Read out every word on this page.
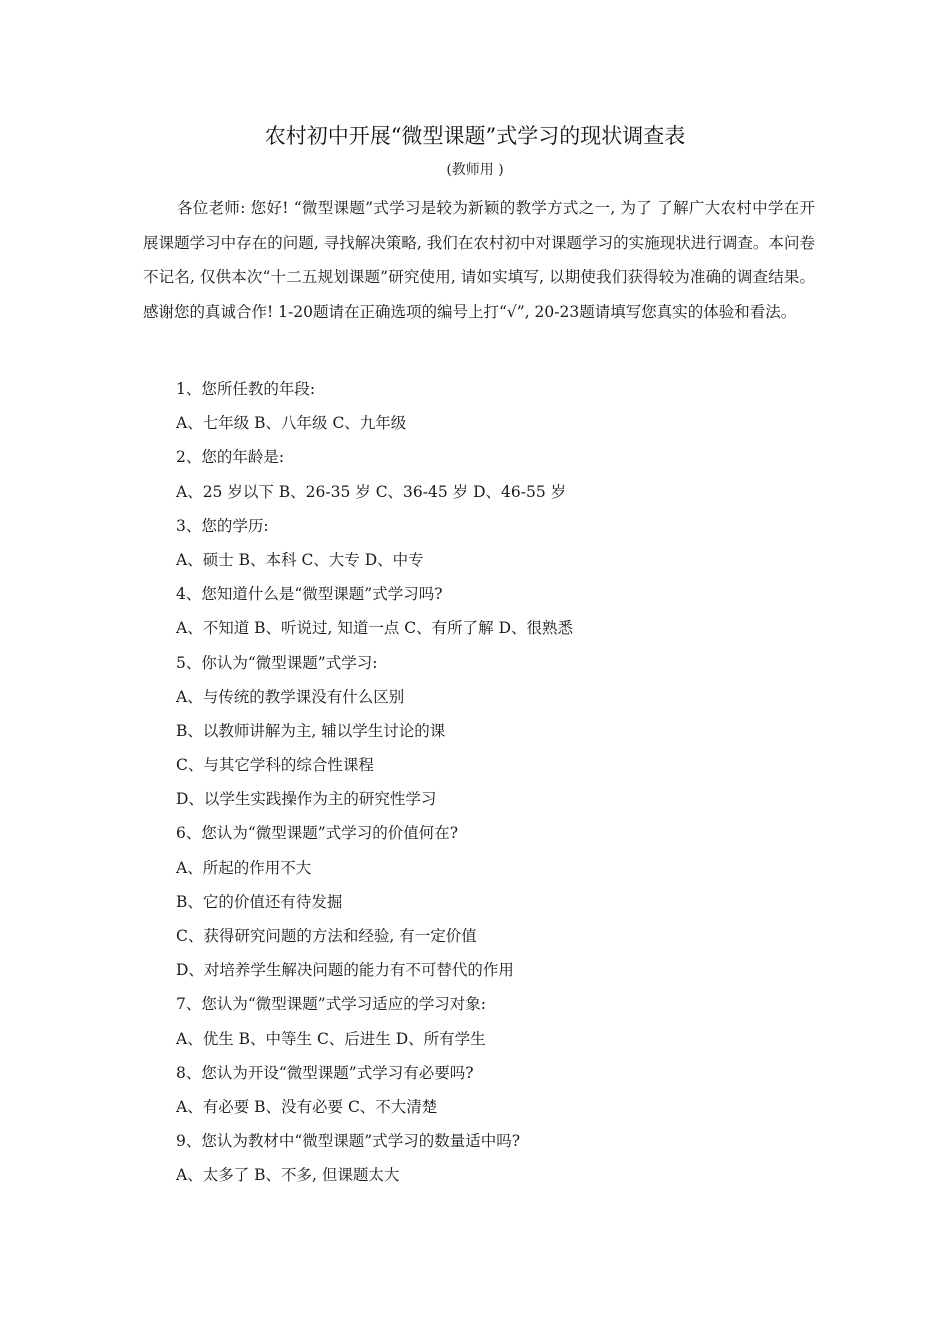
农村初中开展“微型课题”式学习的现状调查表
(教师用 )

各位老师: 您好! “微型课题”式学习是较为新颖的教学方式之一, 为了 了解广大农村中学在开展课题学习中存在的问题, 寻找解决策略, 我们在农村初中对课题学习的实施现状进行调查。本问卷不记名, 仅供本次“十二五规划课题”研究使用, 请如实填写, 以期使我们获得较为准确的调查结果。感谢您的真诚合作! 1-20题请在正确选项的编号上打“√”, 20-23题请填写您真实的体验和看法。

1、您所任教的年段:
A、七年级 B、八年级 C、九年级
2、您的年龄是:
A、25 岁以下 B、26-35 岁 C、36-45 岁 D、46-55 岁
3、您的学历:
A、硕士 B、本科 C、大专 D、中专
4、您知道什么是“微型课题”式学习吗?
A、不知道 B、听说过, 知道一点 C、有所了解 D、很熟悉
5、你认为“微型课题”式学习:
A、与传统的教学课没有什么区别
B、以教师讲解为主, 辅以学生讨论的课
C、与其它学科的综合性课程
D、以学生实践操作为主的研究性学习
6、您认为“微型课题”式学习的价值何在?
A、所起的作用不大
B、它的价值还有待发掘
C、获得研究问题的方法和经验, 有一定价值
D、对培养学生解决问题的能力有不可替代的作用
7、您认为“微型课题”式学习适应的学习对象:
A、优生 B、中等生 C、后进生 D、所有学生
8、您认为开设“微型课题”式学习有必要吗?
A、有必要 B、没有必要 C、不大清楚
9、您认为教材中“微型课题”式学习的数量适中吗?
A、太多了 B、不多, 但课题太大
